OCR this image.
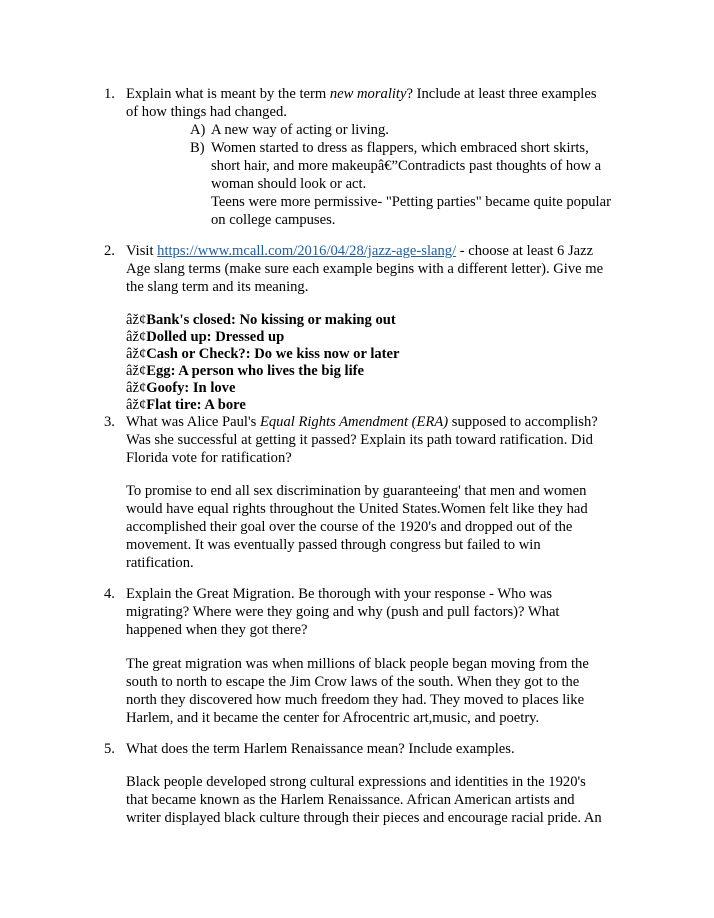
1. Explain what is meant by the term new morality? Include at least three examples
of how things had changed.
A) A new way of acting or living.
B) Women started to dress as flappers, which embraced short skirts,
short hair, and more makeupâ€”Contradicts past thoughts of how a
woman should look or act.
Teens were more permissive- "Petting parties" became quite popular
on college campuses.
2. Visit https://www.mcall.com/2016/04/28/jazz-age-slang/ - choose at least 6 Jazz
Age slang terms (make sure each example begins with a different letter). Give me
the slang term and its meaning.
âž¢Bank's closed: No kissing or making out
âž¢Dolled up: Dressed up
âž¢Cash or Check?: Do we kiss now or later
âž¢Egg: A person who lives the big life
âž¢Goofy: In love
âž¢Flat tire: A bore
3. What was Alice Paul's Equal Rights Amendment (ERA) supposed to accomplish?
Was she successful at getting it passed? Explain its path toward ratification. Did
Florida vote for ratification?
To promise to end all sex discrimination by guaranteeing' that men and women
would have equal rights throughout the United States.Women felt like they had
accomplished their goal over the course of the 1920's and dropped out of the
movement. It was eventually passed through congress but failed to win
ratification.
4. Explain the Great Migration. Be thorough with your response - Who was
migrating? Where were they going and why (push and pull factors)? What
happened when they got there?
The great migration was when millions of black people began moving from the
south to north to escape the Jim Crow laws of the south. When they got to the
north they discovered how much freedom they had. They moved to places like
Harlem, and it became the center for Afrocentric art,music, and poetry.
5. What does the term Harlem Renaissance mean? Include examples.
Black people developed strong cultural expressions and identities in the 1920's
that became known as the Harlem Renaissance. African American artists and
writer displayed black culture through their pieces and encourage racial pride. An
